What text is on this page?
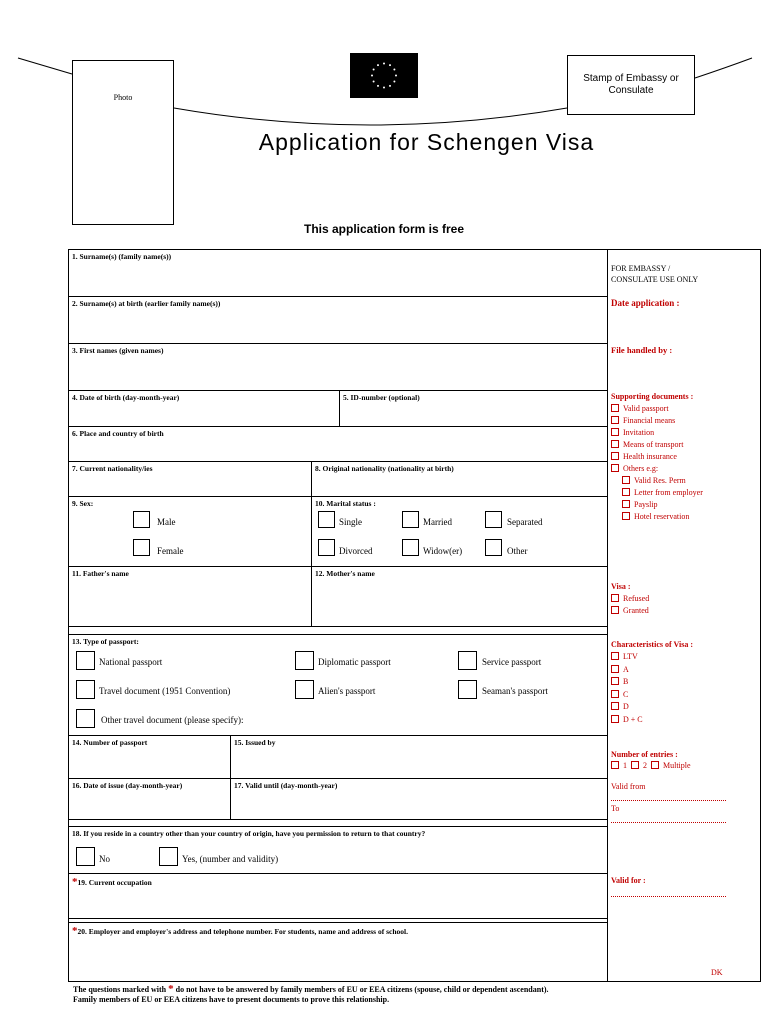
Photo
Stamp of Embassy or Consulate
Application for Schengen Visa
This application form is free
1. Surname(s) (family name(s))
2. Surname(s) at birth (earlier family name(s))
3. First names (given names)
4. Date of birth (day-month-year)	5. ID-number (optional)
6. Place and country of birth
7. Current nationality/ies	8. Original nationality (nationality at birth)
9. Sex:
Male
Female
10. Marital status :
Single	Married	Separated
Divorced	Widow(er)	Other
11. Father's name	12. Mother's name
13. Type of passport:
National passport	Diplomatic passport	Service passport
Travel document (1951 Convention)	Alien's passport	Seaman's passport
Other travel document (please specify):
14. Number of passport	15. Issued by
16. Date of issue (day-month-year)	17. Valid until (day-month-year)
18. If you reside in a country other than your country of origin, have you permission to return to that country?
No	Yes, (number and validity)
*19. Current occupation
*20. Employer and employer's address and telephone number. For students, name and address of school.
FOR EMBASSY /
CONSULATE USE ONLY
Date application :
File handled by :
Supporting documents :
Valid passport
Financial means
Invitation
Means of transport
Health insurance
Others e.g:
Valid Res. Perm
Letter from employer
Payslip
Hotel reservation
Visa :
Refused
Granted
Characteristics of Visa :
LTV
A
B
C
D
D + C
Number of entries :
1 2 Multiple
Valid from
To
Valid for :
DK
The questions marked with * do not have to be answered by family members of EU or EEA citizens (spouse, child or dependent ascendant).
Family members of EU or EEA citizens have to present documents to prove this relationship.
